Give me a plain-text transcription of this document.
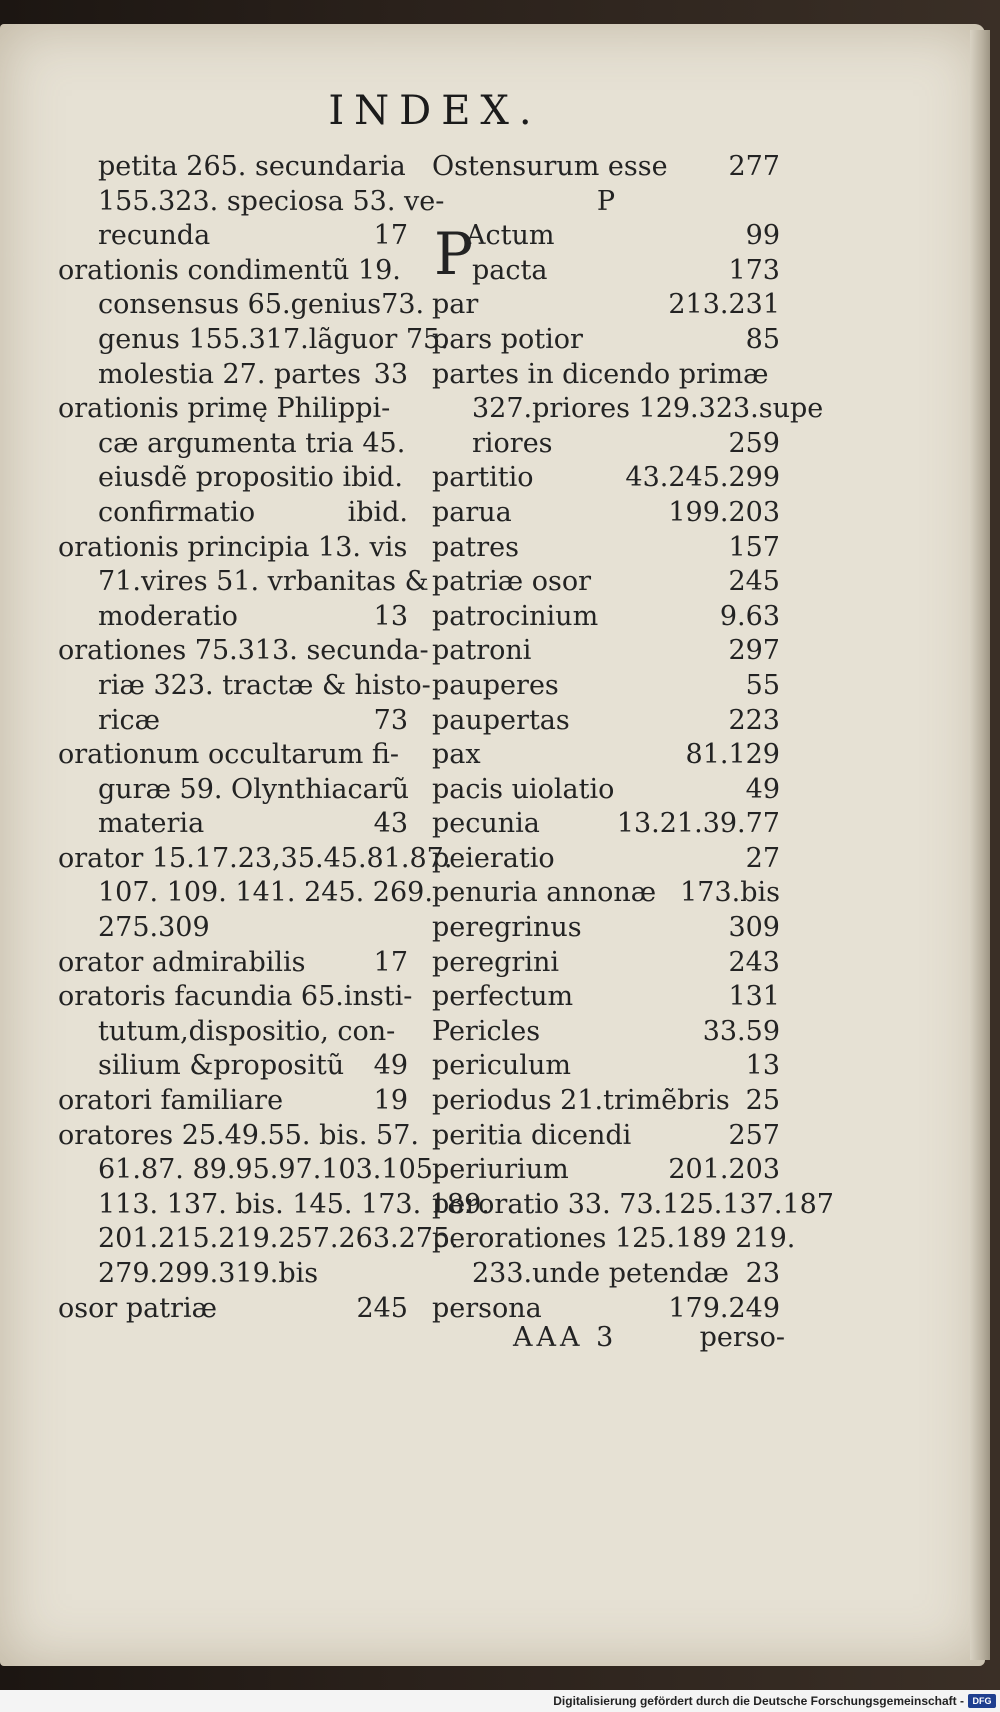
INDEX.
petita 265. secundaria
155.323. speciosa 53. ve-
recunda	17
orationis condimentũ 19.
consensus 65.genius73.
genus 155.317.lãguor 75.
molestia 27. partes 33
orationis primę Philippi-
cæ argumenta tria 45.
eiusdẽ propositio ibid.
confirmatio	ibid.
orationis principia 13. vis
71.vires 51. vrbanitas &
moderatio	13
orationes 75.313. secunda-
riæ 323. tractæ & histo-
ricæ	73
orationum occultarum fi-
guræ 59. Olynthiacarũ
materia	43
orator 15.17.23,35.45.81.87.
107. 109. 141. 245. 269.
275.309
orator admirabilis	17
oratoris facundia 65.insti-
tutum,dispositio, con-
silium &propositũ 49
oratori familiare	19
oratores 25.49.55. bis. 57.
61.87. 89.95.97.103.105.
113. 137. bis. 145. 173. 189.
201.215.219.257.263.275.
279.299.319.bis
osor patriæ	245
Ostensurum esse 277
P
P
Actum	99
pacta	173
par	213.231
pars potior	85
partes in dicendo primæ
327.priores 129.323.supe
riores	259
partitio	43.245.299
parua	199.203
patres	157
patriæ osor	245
patrocinium	9.63
patroni	297
pauperes	55
paupertas	223
pax	81.129
pacis uiolatio	49
pecunia	13.21.39.77
peieratio	27
penuria annonæ 173.bis
peregrinus	309
peregrini	243
perfectum	131
Pericles	33.59
periculum	13
periodus 21.trimẽbris 25
peritia dicendi	257
periurium	201.203
peroratio 33. 73.125.137.187
perorationes 125.189 219.
233.unde petendæ 23
persona	179.249
AAA 3	perso-
Digitalisierung gefördert durch die Deutsche Forschungsgemeinschaft - DFG
